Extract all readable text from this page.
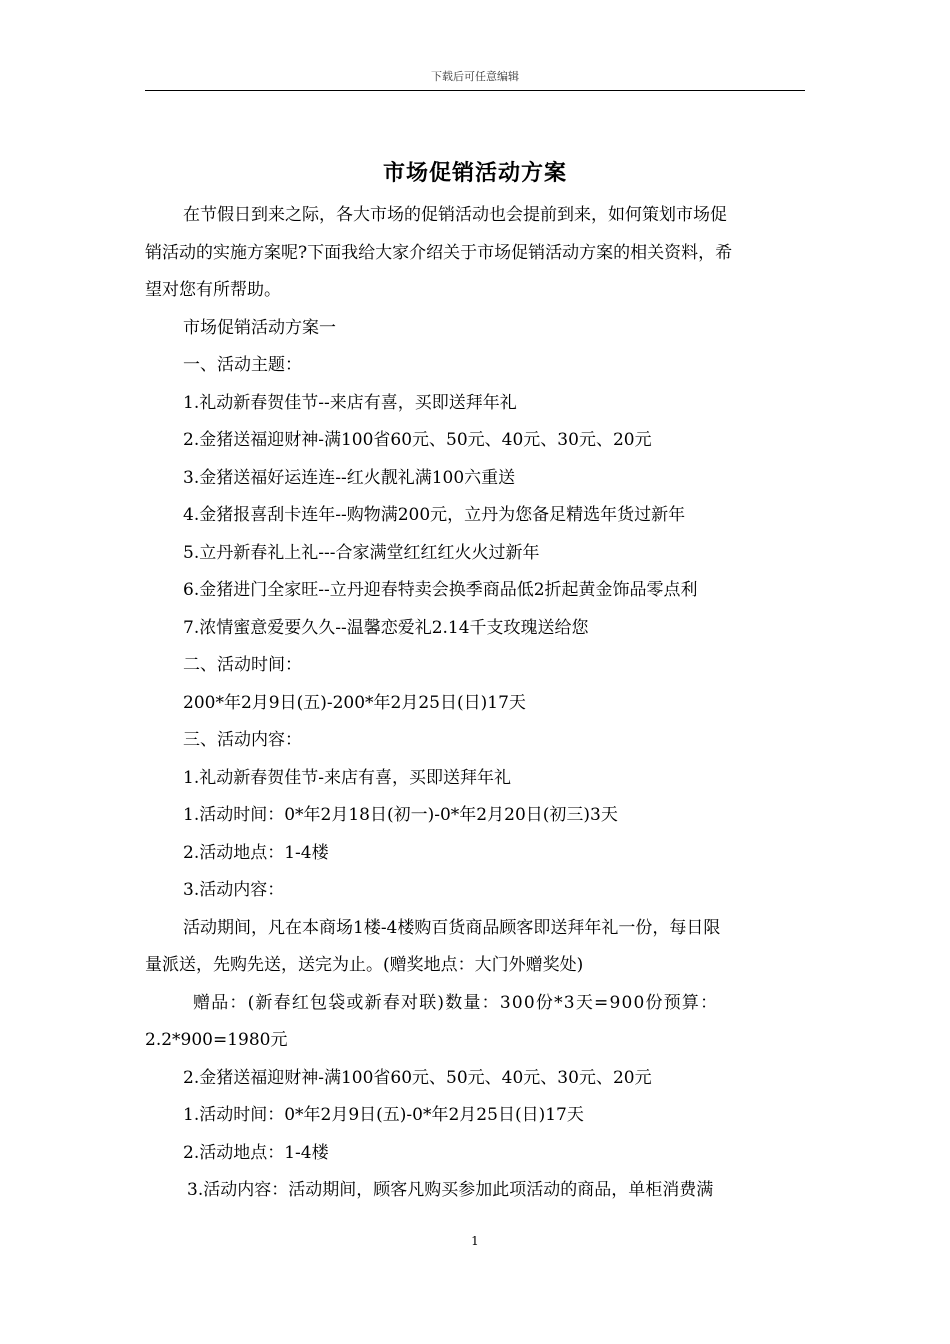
下载后可任意编辑
市场促销活动方案

在节假日到来之际，各大市场的促销活动也会提前到来，如何策划市场促

销活动的实施方案呢?下面我给大家介绍关于市场促销活动方案的相关资料，希

望对您有所帮助。

市场促销活动方案一

一、活动主题：

1.礼动新春贺佳节--来店有喜，买即送拜年礼

2.金猪送福迎财神-满100省60元、50元、40元、30元、20元

3.金猪送福好运连连--红火靓礼满100六重送

4.金猪报喜刮卡连年--购物满200元，立丹为您备足精选年货过新年

5.立丹新春礼上礼---合家满堂红红红火火过新年

6.金猪进门全家旺--立丹迎春特卖会换季商品低2折起黄金饰品零点利

7.浓情蜜意爱要久久--温馨恋爱礼2.14千支玫瑰送给您

二、活动时间：

200*年2月9日(五)-200*年2月25日(日)17天

三、活动内容：

1.礼动新春贺佳节-来店有喜，买即送拜年礼

1.活动时间：0*年2月18日(初一)-0*年2月20日(初三)3天

2.活动地点：1-4楼

3.活动内容：

活动期间，凡在本商场1楼-4楼购百货商品顾客即送拜年礼一份，每日限

量派送，先购先送，送完为止。(赠奖地点：大门外赠奖处)

赠品：(新春红包袋或新春对联)数量：300份*3天=900份预算：

2.2*900=1980元

2.金猪送福迎财神-满100省60元、50元、40元、30元、20元

1.活动时间：0*年2月9日(五)-0*年2月25日(日)17天

2.活动地点：1-4楼

3.活动内容：活动期间，顾客凡购买参加此项活动的商品，单柜消费满

1
